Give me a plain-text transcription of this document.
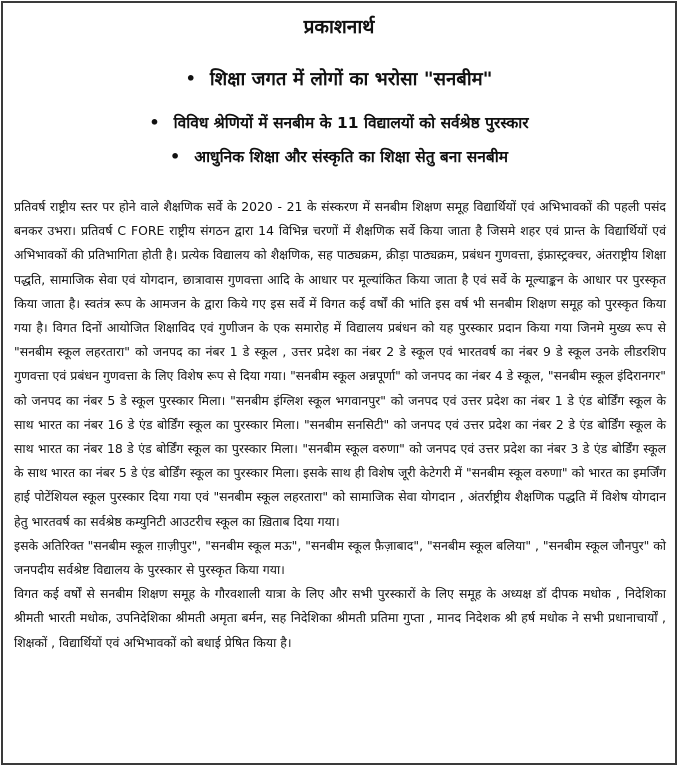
प्रकाशनार्थ
• शिक्षा जगत में लोगों का भरोसा "सनबीम"
• विविध श्रेणियों में सनबीम के 11 विद्यालयों को सर्वश्रेष्ठ पुरस्कार
• आधुनिक शिक्षा और संस्कृति का शिक्षा सेतु बना सनबीम

प्रतिवर्ष राष्ट्रीय स्तर पर होने वाले शैक्षणिक सर्वे के 2020 - 21 के संस्करण में सनबीम शिक्षण समूह विद्यार्थियों एवं अभिभावकों की पहली पसंद बनकर उभरा। प्रतिवर्ष C FORE राष्ट्रीय संगठन द्वारा 14 विभिन्न चरणों में शैक्षणिक सर्वे किया जाता है जिसमे शहर एवं प्रान्त के विद्यार्थियों एवं अभिभावकों की प्रतिभागिता होती है। प्रत्येक विद्यालय को शैक्षणिक, सह पाठ्यक्रम, क्रीड़ा पाठ्यक्रम, प्रबंधन गुणवत्ता, इंफ्रास्ट्रक्चर, अंतराष्ट्रीय शिक्षा पद्धति, सामाजिक सेवा एवं योगदान, छात्रावास गुणवत्ता आदि के आधार पर मूल्यांकित किया जाता है एवं सर्वे के मूल्याङ्कन के आधार पर पुरस्कृत किया जाता है। स्वतंत्र रूप के आमजन के द्वारा किये गए इस सर्वे में विगत कई वर्षों की भांति इस वर्ष भी सनबीम शिक्षण समूह को पुरस्कृत किया गया है। विगत दिनों आयोजित शिक्षाविद एवं गुणीजन के एक समारोह में विद्यालय प्रबंधन को यह पुरस्कार प्रदान किया गया जिनमे मुख्य रूप से "सनबीम स्कूल लहरतारा" को जनपद का नंबर 1 डे स्कूल , उत्तर प्रदेश का नंबर 2 डे स्कूल एवं भारतवर्ष का नंबर 9 डे स्कूल उनके लीडरशिप गुणवत्ता एवं प्रबंधन गुणवत्ता के लिए विशेष रूप से दिया गया। "सनबीम स्कूल अन्नपूर्णा" को जनपद का नंबर 4 डे स्कूल, "सनबीम स्कूल इंदिरानगर" को जनपद का नंबर 5 डे स्कूल पुरस्कार मिला। "सनबीम इंग्लिश स्कूल भगवानपुर" को जनपद एवं उत्तर प्रदेश का नंबर 1 डे एंड बोर्डिंग स्कूल के साथ भारत का नंबर 16 डे एंड बोर्डिंग स्कूल का पुरस्कार मिला। "सनबीम सनसिटी" को जनपद एवं उत्तर प्रदेश का नंबर 2 डे एंड बोर्डिंग स्कूल के साथ भारत का नंबर 18 डे एंड बोर्डिंग स्कूल का पुरस्कार मिला। "सनबीम स्कूल वरुणा" को जनपद एवं उत्तर प्रदेश का नंबर 3 डे एंड बोर्डिंग स्कूल के साथ भारत का नंबर 5 डे एंड बोर्डिंग स्कूल का पुरस्कार मिला। इसके साथ ही विशेष जूरी केटेगरी में "सनबीम स्कूल वरुणा" को भारत का इमर्जिंग हाई पोटेंशियल स्कूल पुरस्कार दिया गया एवं "सनबीम स्कूल लहरतारा" को सामाजिक सेवा योगदान , अंतर्राष्ट्रीय शैक्षणिक पद्धति में विशेष योगदान हेतु भारतवर्ष का सर्वश्रेष्ठ कम्युनिटी आउटरीच स्कूल का ख़िताब दिया गया।

इसके अतिरिक्त "सनबीम स्कूल ग़ाज़ीपुर", "सनबीम स्कूल मऊ", "सनबीम स्कूल फ़ैज़ाबाद", "सनबीम स्कूल बलिया" , "सनबीम स्कूल जौनपुर" को जनपदीय सर्वश्रेष्ट विद्यालय के पुरस्कार से पुरस्कृत किया गया।

विगत कई वर्षों से सनबीम शिक्षण समूह के गौरवशाली यात्रा के लिए और सभी पुरस्कारों के लिए समूह के अध्यक्ष डॉ दीपक मधोक , निदेशिका श्रीमती भारती मधोक, उपनिदेशिका श्रीमती अमृता बर्मन, सह निदेशिका श्रीमती प्रतिमा गुप्ता , मानद निदेशक श्री हर्ष मधोक ने सभी प्रधानाचार्यों , शिक्षकों , विद्यार्थियों एवं अभिभावकों को बधाई प्रेषित किया है।
